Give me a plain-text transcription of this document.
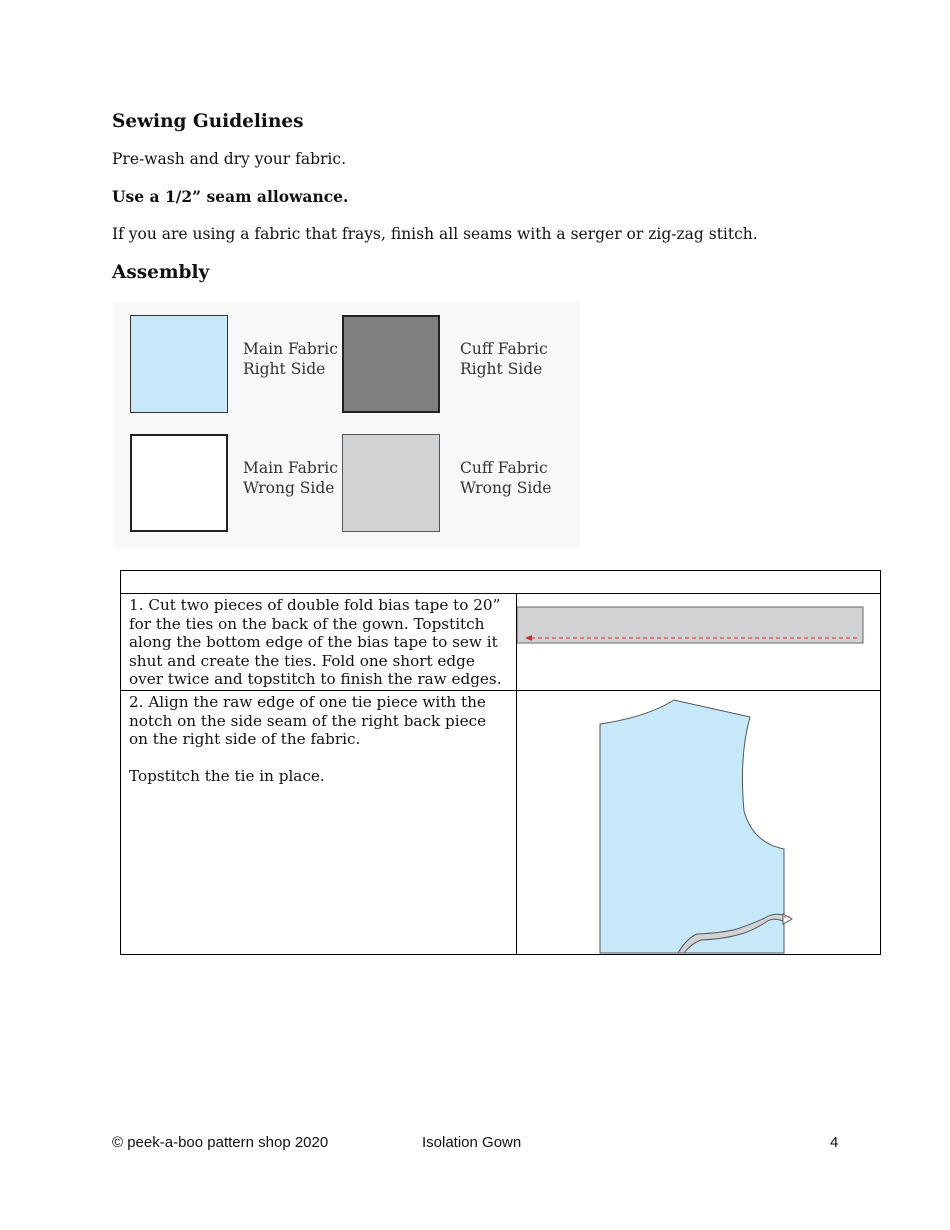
Sewing Guidelines

Pre-wash and dry your fabric.

Use a 1/2” seam allowance.

If you are using a fabric that frays, finish all seams with a serger or zig-zag stitch.

Assembly
Main Fabric
Right Side
Cuff Fabric
Right Side
Main Fabric
Wrong Side
Cuff Fabric
Wrong Side

1. Cut two pieces of double fold bias tape to 20” for the ties on the back of the gown. Topstitch along the bottom edge of the bias tape to sew it shut and create the ties. Fold one short edge over twice and topstitch to finish the raw edges.

2. Align the raw edge of one tie piece with the notch on the side seam of the right back piece on the right side of the fabric.

Topstitch the tie in place.

© peek-a-boo pattern shop 2020	Isolation Gown	4
